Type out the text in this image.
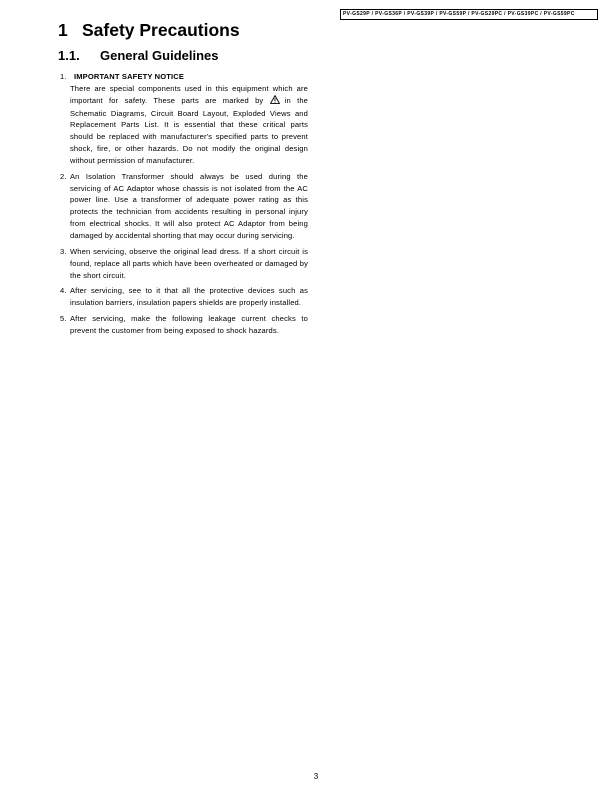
PV-GS29P / PV-GS36P / PV-GS39P / PV-GS59P / PV-GS29PC / PV-GS39PC / PV-GS59PC
1 Safety Precautions
1.1. General Guidelines
1. IMPORTANT SAFETY NOTICE
There are special components used in this equipment which are important for safety. These parts are marked by	in the Schematic Diagrams, Circuit Board Layout, Exploded Views and Replacement Parts List. It is essential that these critical parts should be replaced with manufacturer's specified parts to prevent shock, fire, or other hazards. Do not modify the original design without permission of manufacturer.
2. An Isolation Transformer should always be used during the servicing of AC Adaptor whose chassis is not isolated from the AC power line. Use a transformer of adequate power rating as this protects the technician from accidents resulting in personal injury from electrical shocks. It will also protect AC Adaptor from being damaged by accidental shorting that may occur during servicing.
3. When servicing, observe the original lead dress. If a short circuit is found, replace all parts which have been overheated or damaged by the short circuit.
4. After servicing, see to it that all the protective devices such as insulation barriers, insulation papers shields are properly installed.
5. After servicing, make the following leakage current checks to prevent the customer from being exposed to shock hazards.
3
